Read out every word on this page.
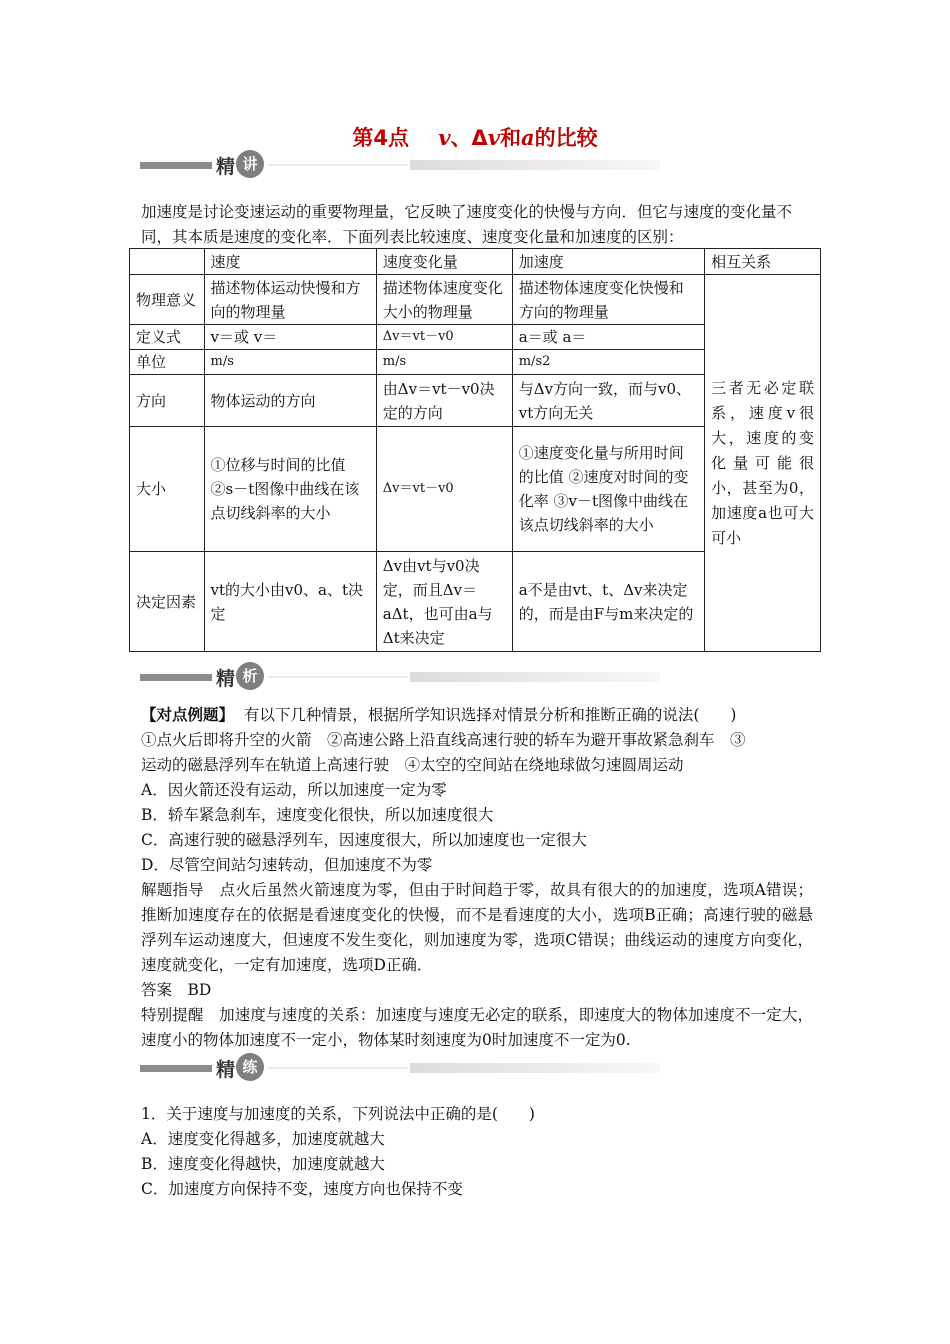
第4点 v、Δv和a的比较
精 讲
加速度是讨论变速运动的重要物理量，它反映了速度变化的快慢与方向．但它与速度的变化量不同，其本质是速度的变化率．下面列表比较速度、速度变化量和加速度的区别：
	速度	速度变化量	加速度	相互关系
物理意义	描述物体运动快慢和方向的物理量	描述物体速度变化大小的物理量	描述物体速度变化快慢和方向的物理量	三者无必定联系，速度v很大，速度的变化量可能很小，甚至为0，加速度a也可大可小
定义式	v＝或 v＝	Δv＝vt－v0	a＝或 a＝	
单位	m/s	m/s	m/s2	
方向	物体运动的方向	由Δv＝vt－v0决定的方向	与Δv方向一致，而与v0、vt方向无关	
大小	①位移与时间的比值 ②s－t图像中曲线在该点切线斜率的大小	Δv＝vt－v0	①速度变化量与所用时间的比值 ②速度对时间的变化率 ③v－t图像中曲线在该点切线斜率的大小	
决定因素	vt的大小由v0、a、t决定	Δv由vt与v0决定，而且Δv＝aΔt，也可由a与Δt来决定	a不是由vt、t、Δv来决定的，而是由F与m来决定的	
精 析
【对点例题】 有以下几种情景，根据所学知识选择对情景分析和推断正确的说法(　　)
①点火后即将升空的火箭　②高速公路上沿直线高速行驶的轿车为避开事故紧急刹车　③
运动的磁悬浮列车在轨道上高速行驶　④太空的空间站在绕地球做匀速圆周运动
A．因火箭还没有运动，所以加速度一定为零
B．轿车紧急刹车，速度变化很快，所以加速度很大
C．高速行驶的磁悬浮列车，因速度很大，所以加速度也一定很大
D．尽管空间站匀速转动，但加速度不为零
解题指导　点火后虽然火箭速度为零，但由于时间趋于零，故具有很大的的加速度，选项A错误；推断加速度存在的依据是看速度变化的快慢，而不是看速度的大小，选项B正确；高速行驶的磁悬浮列车运动速度大，但速度不发生变化，则加速度为零，选项C错误；曲线运动的速度方向变化，速度就变化，一定有加速度，选项D正确．
答案　BD
特别提醒　加速度与速度的关系：加速度与速度无必定的联系，即速度大的物体加速度不一定大，速度小的物体加速度不一定小，物体某时刻速度为0时加速度不一定为0.
精 练
1．关于速度与加速度的关系，下列说法中正确的是(　　)
A．速度变化得越多，加速度就越大
B．速度变化得越快，加速度就越大
C．加速度方向保持不变，速度方向也保持不变
